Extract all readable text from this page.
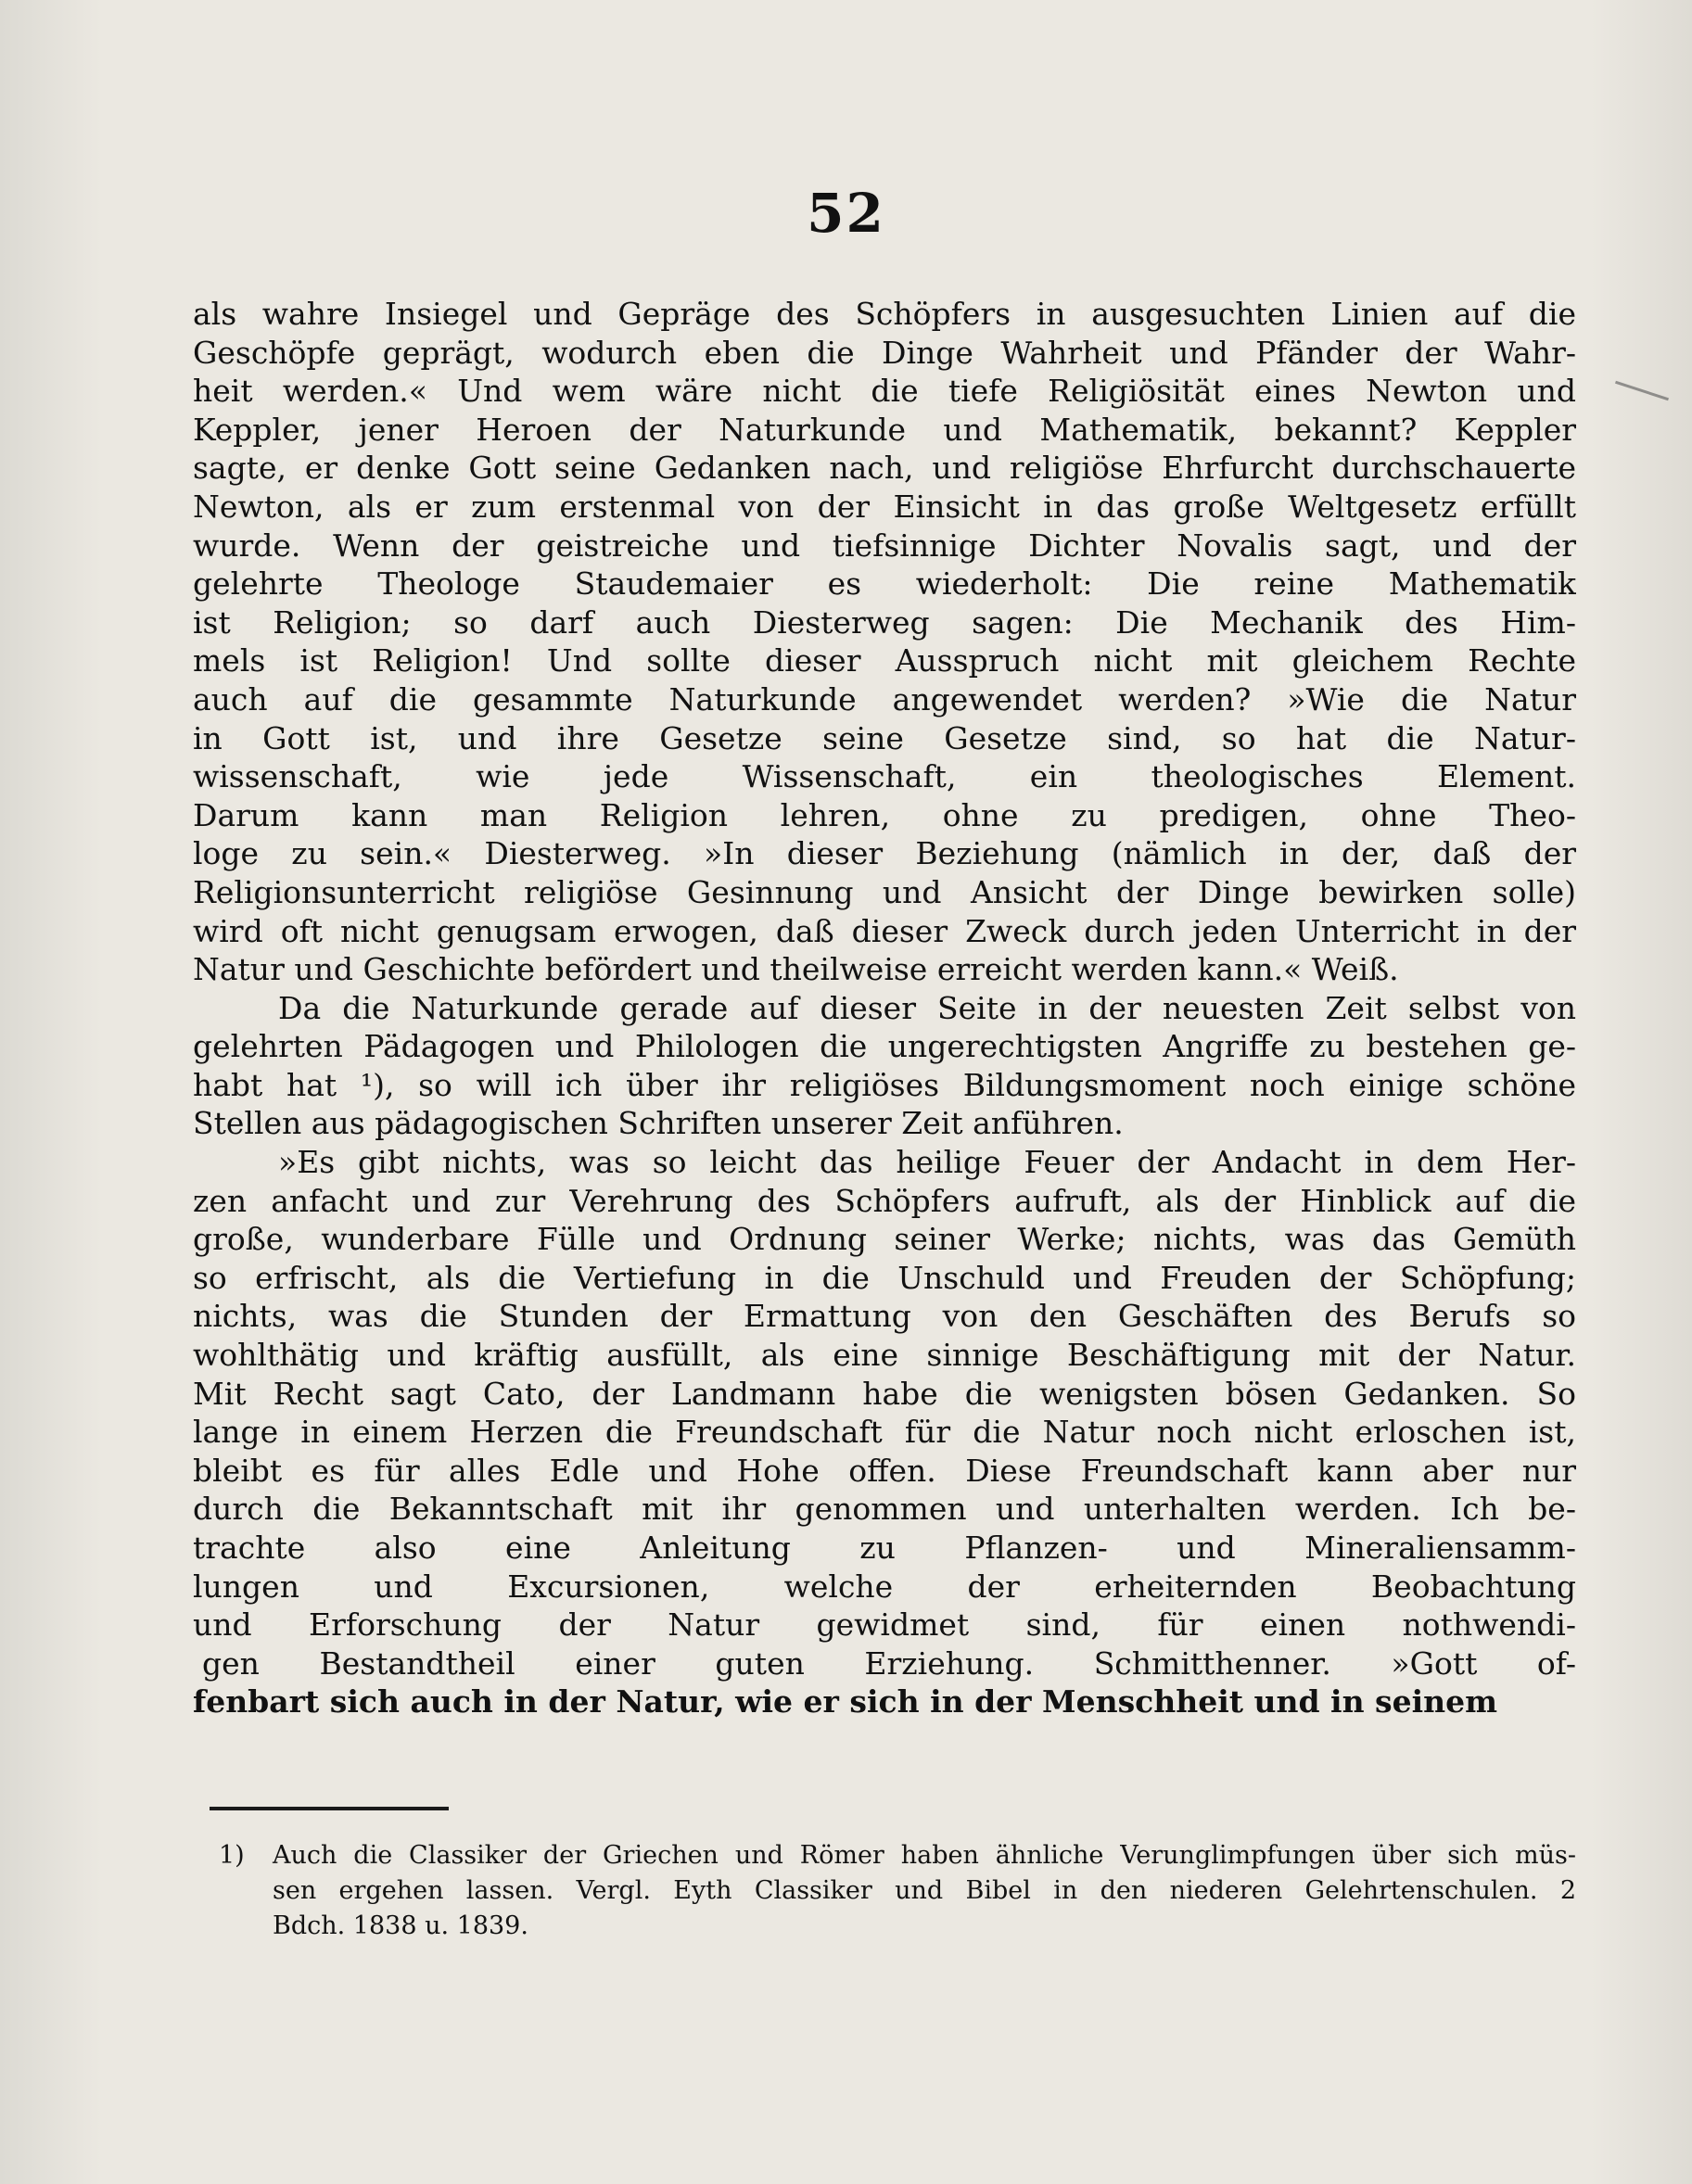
52
als wahre Insiegel und Gepräge des Schöpfers in ausgesuchten Linien auf die
Geschöpfe geprägt, wodurch eben die Dinge Wahrheit und Pfänder der Wahr-
heit werden.« Und wem wäre nicht die tiefe Religiösität eines Newton und
Keppler, jener Heroen der Naturkunde und Mathematik, bekannt? Keppler
sagte, er denke Gott seine Gedanken nach, und religiöse Ehrfurcht durchschauerte
Newton, als er zum erstenmal von der Einsicht in das große Weltgesetz erfüllt
wurde. Wenn der geistreiche und tiefsinnige Dichter Novalis sagt, und der
gelehrte Theologe Staudemaier es wiederholt: Die reine Mathematik
ist Religion; so darf auch Diesterweg sagen: Die Mechanik des Him-
mels ist Religion! Und sollte dieser Ausspruch nicht mit gleichem Rechte
auch auf die gesammte Naturkunde angewendet werden? »Wie die Natur
in Gott ist, und ihre Gesetze seine Gesetze sind, so hat die Natur-
wissenschaft, wie jede Wissenschaft, ein theologisches Element.
Darum kann man Religion lehren, ohne zu predigen, ohne Theo-
loge zu sein.« Diesterweg. »In dieser Beziehung (nämlich in der, daß der
Religionsunterricht religiöse Gesinnung und Ansicht der Dinge bewirken solle)
wird oft nicht genugsam erwogen, daß dieser Zweck durch jeden Unterricht in der
Natur und Geschichte befördert und theilweise erreicht werden kann.« Weiß.
Da die Naturkunde gerade auf dieser Seite in der neuesten Zeit selbst von
gelehrten Pädagogen und Philologen die ungerechtigsten Angriffe zu bestehen ge-
habt hat ¹), so will ich über ihr religiöses Bildungsmoment noch einige schöne
Stellen aus pädagogischen Schriften unserer Zeit anführen.
»Es gibt nichts, was so leicht das heilige Feuer der Andacht in dem Her-
zen anfacht und zur Verehrung des Schöpfers aufruft, als der Hinblick auf die
große, wunderbare Fülle und Ordnung seiner Werke; nichts, was das Gemüth
so erfrischt, als die Vertiefung in die Unschuld und Freuden der Schöpfung;
nichts, was die Stunden der Ermattung von den Geschäften des Berufs so
wohlthätig und kräftig ausfüllt, als eine sinnige Beschäftigung mit der Natur.
Mit Recht sagt Cato, der Landmann habe die wenigsten bösen Gedanken. So
lange in einem Herzen die Freundschaft für die Natur noch nicht erloschen ist,
bleibt es für alles Edle und Hohe offen. Diese Freundschaft kann aber nur
durch die Bekanntschaft mit ihr genommen und unterhalten werden. Ich be-
trachte also eine Anleitung zu Pflanzen- und Mineraliensamm-
lungen und Excursionen, welche der erheiternden Beobachtung
und Erforschung der Natur gewidmet sind, für einen nothwendi-
gen Bestandtheil einer guten Erziehung. Schmitthenner. »Gott of-
fenbart sich auch in der Natur, wie er sich in der Menschheit und in seinem
1) Auch die Classiker der Griechen und Römer haben ähnliche Verunglimpfungen über sich müs-
sen ergehen lassen. Vergl. Eyth Classiker und Bibel in den niederen Gelehrtenschulen. 2
Bdch. 1838 u. 1839.
